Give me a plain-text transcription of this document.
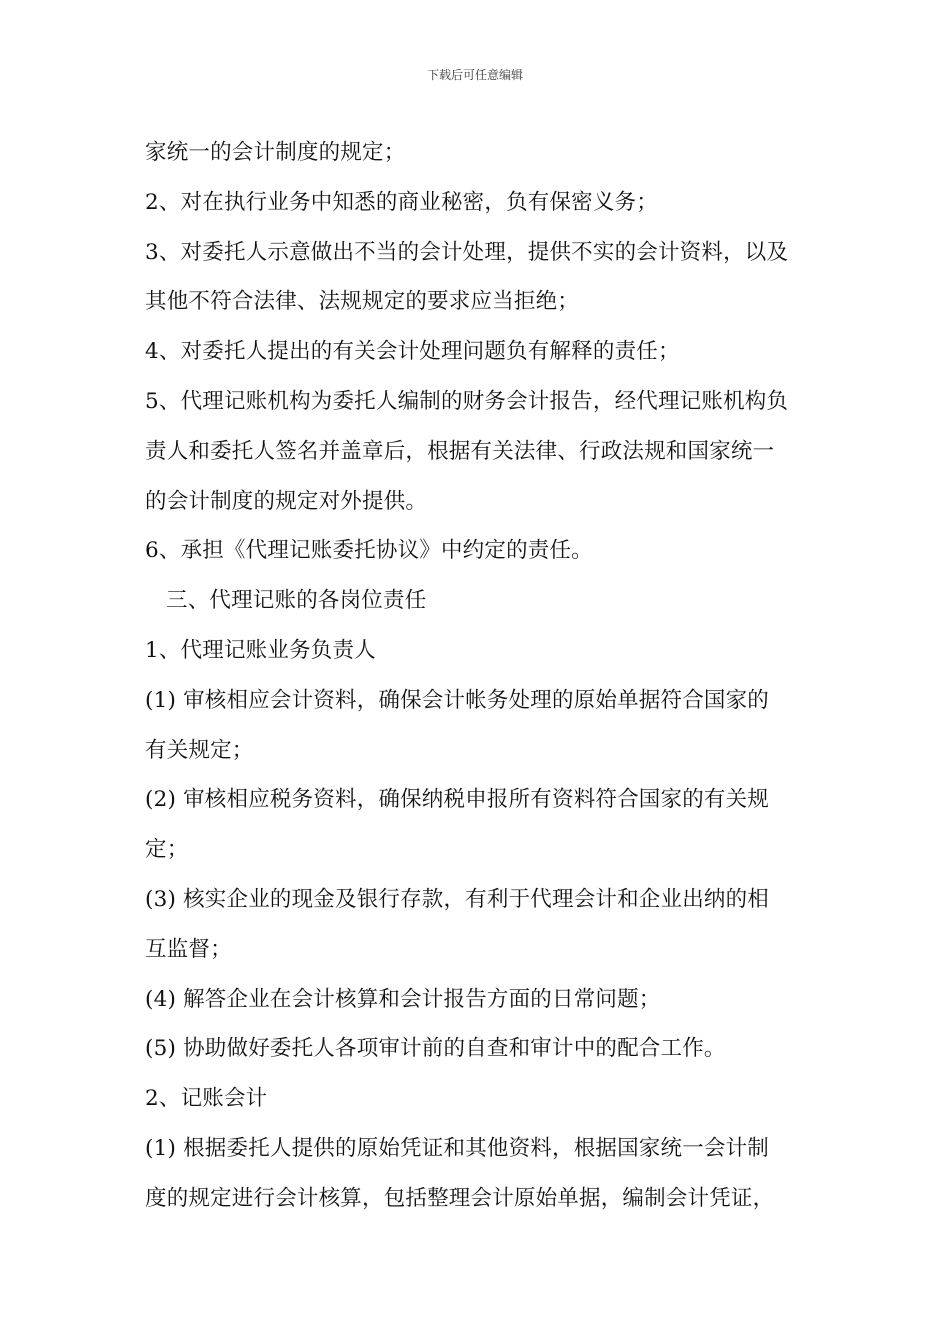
下载后可任意编辑
家统一的会计制度的规定；
2、对在执行业务中知悉的商业秘密，负有保密义务；
3、对委托人示意做出不当的会计处理，提供不实的会计资料，以及
其他不符合法律、法规规定的要求应当拒绝；
4、对委托人提出的有关会计处理问题负有解释的责任；
5、代理记账机构为委托人编制的财务会计报告，经代理记账机构负
责人和委托人签名并盖章后，根据有关法律、行政法规和国家统一
的会计制度的规定对外提供。
6、承担《代理记账委托协议》中约定的责任。
三、代理记账的各岗位责任
1、代理记账业务负责人
(1) 审核相应会计资料，确保会计帐务处理的原始单据符合国家的
有关规定；
(2) 审核相应税务资料，确保纳税申报所有资料符合国家的有关规
定；
(3) 核实企业的现金及银行存款，有利于代理会计和企业出纳的相
互监督；
(4) 解答企业在会计核算和会计报告方面的日常问题；
(5) 协助做好委托人各项审计前的自查和审计中的配合工作。
2、记账会计
(1) 根据委托人提供的原始凭证和其他资料，根据国家统一会计制
度的规定进行会计核算，包括整理会计原始单据，编制会计凭证，
